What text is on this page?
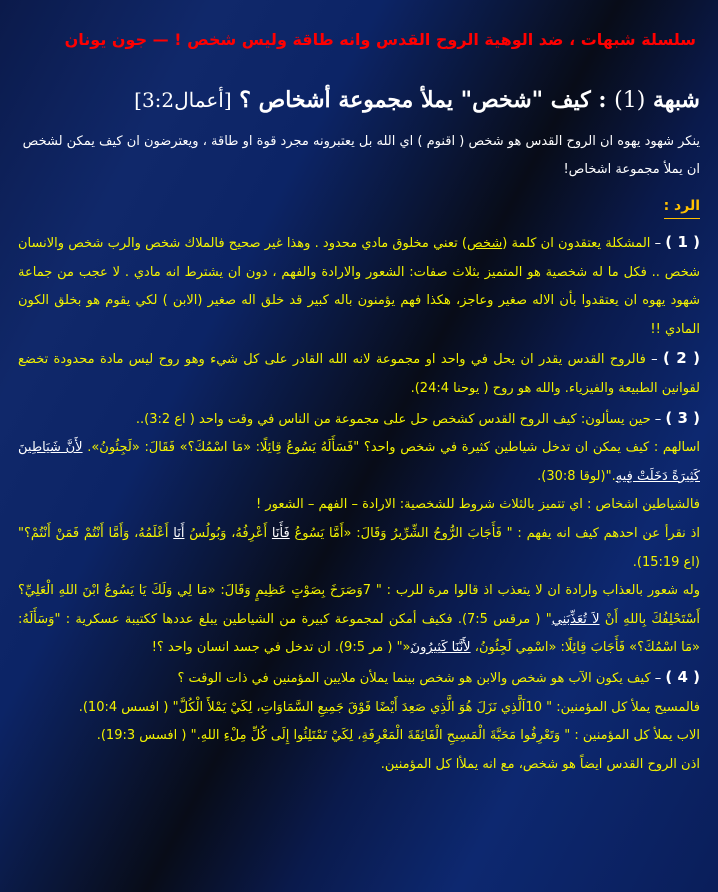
سلسلة شبهات ، ضد الوهية الروح القدس وانه طاقة وليس شخص ! — جون يونان
شبهة (1) : كيف "شخص" يملأ مجموعة أشخاص ؟ [أعمال3:2]
ينكر شهود يهوه ان الروح القدس هو شخص ( اقنوم ) اي الله بل يعتبرونه مجرد قوة او طاقة ، ويعترضون ان كيف يمكن لشخص ان يملأ مجموعة اشخاص!
الرد :

( 1 ) – المشكلة يعتقدون ان كلمة (شخص) تعني مخلوق مادي محدود . وهذا غير صحيح فالملاك شخص والرب شخص والانسان شخص .. فكل ما له شخصية هو المتميز بثلاث صفات: الشعور والارادة والفهم ، دون ان يشترط انه مادي . لا عجب من جماعة شهود يهوه ان يعتقدوا بأن الاله صغير وعاجز، هكذا فهم يؤمنون باله كبير قد خلق اله صغير (الابن ) لكي يقوم هو بخلق الكون المادي !!

( 2 ) – فالروح القدس يقدر ان يحل في واحد او مجموعة لانه الله القادر على كل شيء وهو روح ليس مادة محدودة تخضع لقوانين الطبيعة والفيزياء. والله هو روح ( يوحنا 24:4).

( 3 ) – حين يسألون: كيف الروح القدس كشخص حل على مجموعة من الناس في وقت واحد ( اع 3:2)..

اسالهم : كيف يمكن ان تدخل شياطين كثيرة في شخص واحد؟ "فَسَأَلَهُ يَسُوعُ قِائِلًا: «مَا اسْمُكَ؟» فَقَالَ: «لَجِئُونُ». لأَنَّ شَيَاطِينَ كَثِيرَةً دَخَلَتْ فِيهِ."(لوقا 30:8).

فالشياطين اشخاص : اي تتميز بالثلاث شروط للشخصية: الارادة – الفهم – الشعور !

اذ نقرأ عن احدهم كيف انه يفهم : " فَأَجَابَ الرُّوحُ الشِّرِّيرُ وَقَالَ: «أَمَّا يَسُوعُ فَأَنَا أَعْرِفُهُ، وَبُولُسُ أَنَا أَعْلَمُهُ، وَأَمَّا أَنْتُمْ فَمَنْ أَنْتُمْ؟" (اع 15:19).

وله شعور بالعذاب وارادة ان لا يتعذب اذ قالوا مرة للرب : " 7وَصَرَخَ بِصَوْتٍ عَظِيمٍ وَقَالَ: «مَا لِي وَلَكَ يَا يَسُوعُ ابْنَ اللهِ الْعَلِيِّ؟ أَسْتَحْلِفُكَ بِاللهِ أَنْ لاَ تُعَذِّبَنِي" ( مرقس 7:5). فكيف أمكن لمجموعة كبيرة من الشياطين يبلغ عددها ككتيبة عسكرية : "وَسَأَلَهُ: «مَا اسْمُكَ؟» فَأَجَابَ قِائِلًا: «اسْمِي لَجِئُونُ، لأَنَّنَا كَثِيرُونَ«" ( مر 9:5). ان تدخل في جسد انسان واحد ؟!

( 4 ) – كيف يكون الآب هو شخص والابن هو شخص بينما يملأن ملايين المؤمنين في ذات الوقت ؟

فالمسيح يملأ كل المؤمنين: " 10اَلَّذِي نَزَلَ هُوَ الَّذِي صَعِدَ أَيْضًا فَوْقَ جَمِيعِ السَّمَاوَاتِ، لِكَيْ يَمْلأَ الْكُلَّ" ( افسس 10:4).

الاب يملأ كل المؤمنين : " وَتَعْرِفُوا مَحَبَّةَ الْمَسِيحِ الْفَائِقَةَ الْمَعْرِفَةِ، لِكَيْ تَمْتَلِئُوا إِلَى كُلِّ مِلْءِ اللهِ." ( افسس 19:3).

اذن الروح القدس ايضاً هو شخص، مع انه يملأا كل المؤمنين.
